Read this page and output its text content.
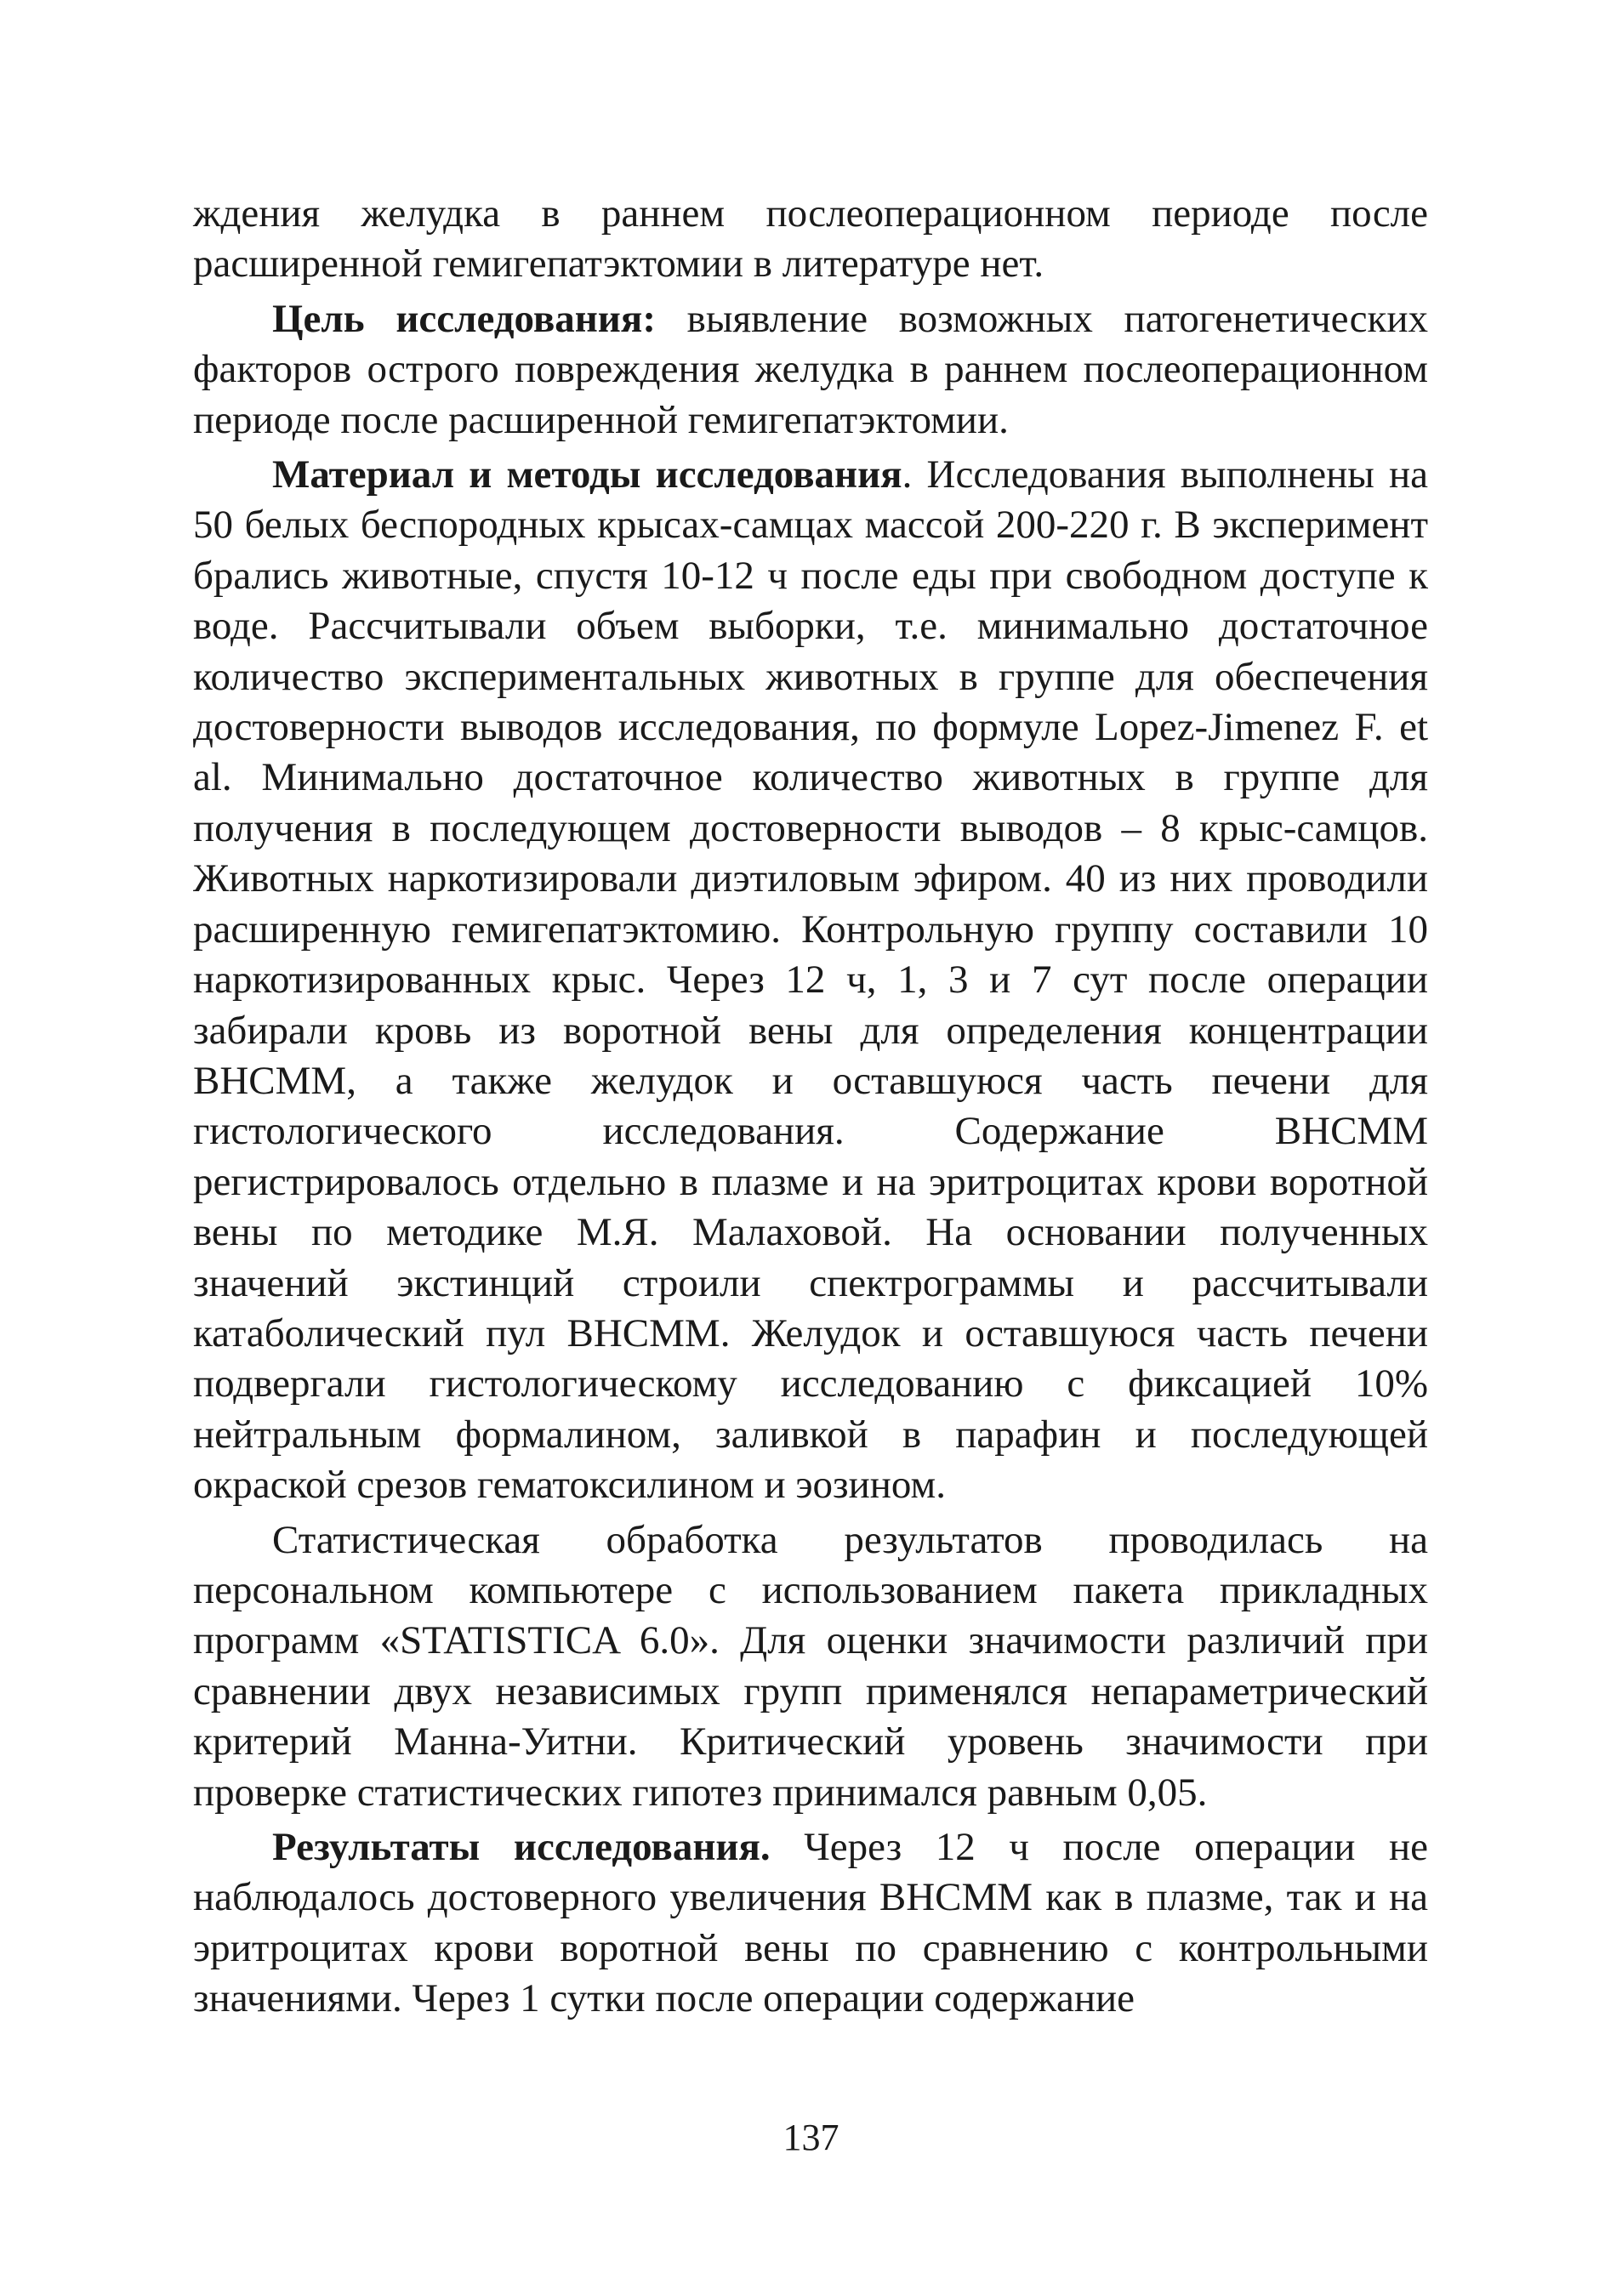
ждения желудка в раннем послеоперационном периоде после расширенной гемигепатэктомии в литературе нет.

Цель исследования: выявление возможных патогенетических факторов острого повреждения желудка в раннем послеоперационном периоде после расширенной гемигепатэктомии.

Материал и методы исследования. Исследования выполнены на 50 белых беспородных крысах-самцах массой 200-220 г. В эксперимент брались животные, спустя 10-12 ч после еды при свободном доступе к воде. Рассчитывали объем выборки, т.е. минимально достаточное количество экспериментальных животных в группе для обеспечения достоверности выводов исследования, по формуле Lopez-Jimenez F. et al. Минимально достаточное количество животных в группе для получения в последующем достоверности выводов – 8 крыс-самцов. Животных наркотизировали диэтиловым эфиром. 40 из них проводили расширенную гемигепатэктомию. Контрольную группу составили 10 наркотизированных крыс. Через 12 ч, 1, 3 и 7 сут после операции забирали кровь из воротной вены для определения концентрации ВНСММ, а также желудок и оставшуюся часть печени для гистологического исследования. Содержание ВНСММ регистрировалось отдельно в плазме и на эритроцитах крови воротной вены по методике М.Я. Малаховой. На основании полученных значений экстинций строили спектрограммы и рассчитывали катаболический пул ВНСММ. Желудок и оставшуюся часть печени подвергали гистологическому исследованию с фиксацией 10% нейтральным формалином, заливкой в парафин и последующей окраской срезов гематоксилином и эозином.

Статистическая обработка результатов проводилась на персональном компьютере с использованием пакета прикладных программ «STATISTICA 6.0». Для оценки значимости различий при сравнении двух независимых групп применялся непараметрический критерий Манна-Уитни. Критический уровень значимости при проверке статистических гипотез принимался равным 0,05.

Результаты исследования. Через 12 ч после операции не наблюдалось достоверного увеличения ВНСММ как в плазме, так и на эритроцитах крови воротной вены по сравнению с контрольными значениями. Через 1 сутки после операции содержание

137
